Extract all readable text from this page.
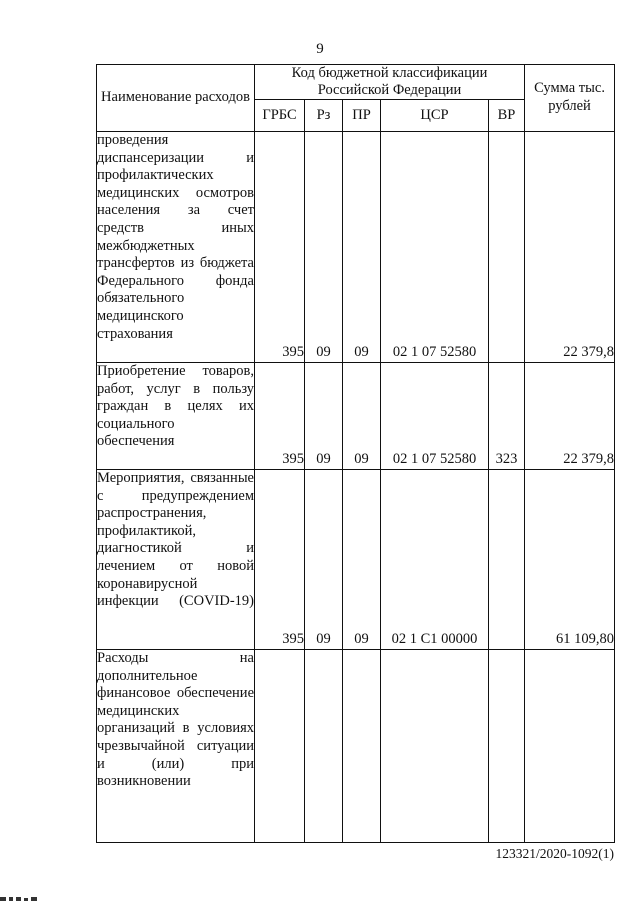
9
Наименование расходов	Код бюджетной классификации Российской Федерации					Сумма тыс. рублей
	ГРБС	Рз	ПР	ЦСР	ВР	
проведения диспансеризации и профилактических медицинских осмотров населения за счет средств иных межбюджетных трансфертов из бюджета Федерального фонда обязательного медицинского страхования	395	09	09	02 1 07 52580		22 379,8
Приобретение товаров, работ, услуг в пользу граждан в целях их социального обеспечения	395	09	09	02 1 07 52580	323	22 379,8
Мероприятия, связанные с предупреждением распространения, профилактикой, диагностикой и лечением от новой коронавирусной инфекции (COVID-19)	395	09	09	02 1 С1 00000		61 109,80
Расходы на дополнительное финансовое обеспечение медицинских организаций в условиях чрезвычайной ситуации и (или) при возникновении						
123321/2020-1092(1)
